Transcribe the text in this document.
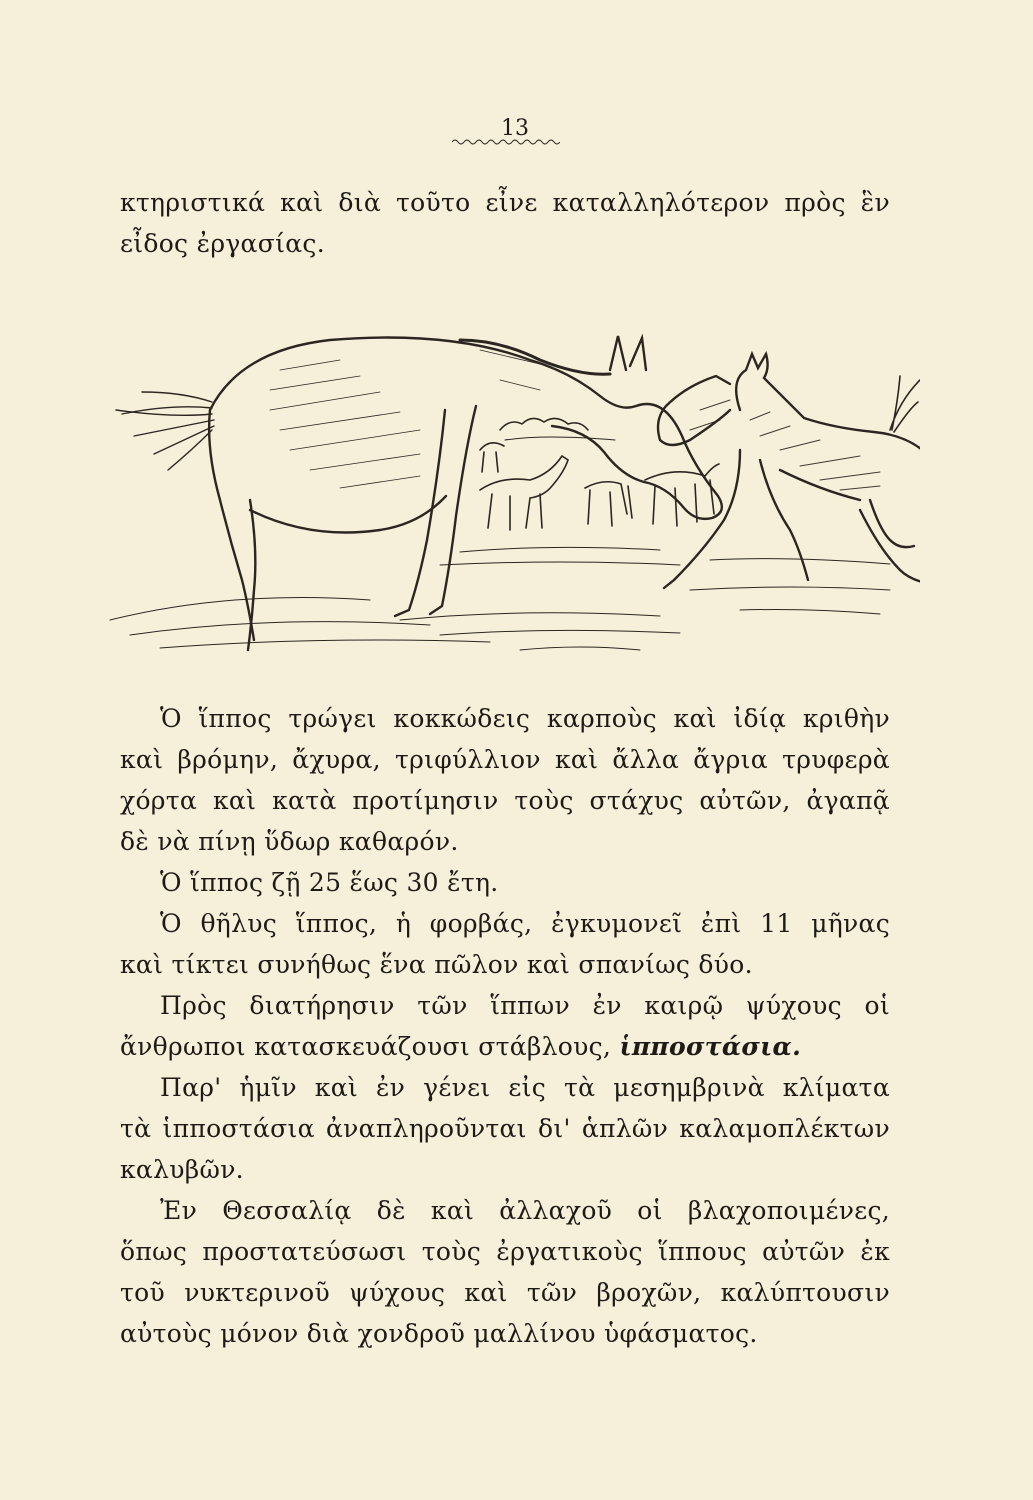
13
κτηριστικά καὶ διὰ τοῦτο εἶνε καταλληλότερον πρὸς ἓν
εἶδος ἐργασίας.
Ὁ ἵππος τρώγει κοκκώδεις καρποὺς καὶ ἰδίᾳ κριθὴν
καὶ βρόμην, ἄχυρα, τριφύλλιον καὶ ἄλλα ἄγρια τρυφερὰ
χόρτα καὶ κατὰ προτίμησιν τοὺς στάχυς αὐτῶν, ἀγαπᾷ
δὲ νὰ πίνῃ ὕδωρ καθαρόν.
Ὁ ἵππος ζῇ 25 ἕως 30 ἔτη.
Ὁ θῆλυς ἵππος, ἡ φορβάς, ἐγκυμονεῖ ἐπὶ 11 μῆνας
καὶ τίκτει συνήθως ἕνα πῶλον καὶ σπανίως δύο.
Πρὸς διατήρησιν τῶν ἵππων ἐν καιρῷ ψύχους οἱ
ἄνθρωποι κατασκευάζουσι στάβλους, ἱπποστάσια.
Παρ' ἡμῖν καὶ ἐν γένει εἰς τὰ μεσημβρινὰ κλίματα
τὰ ἱπποστάσια ἀναπληροῦνται δι' ἁπλῶν καλαμοπλέκτων
καλυβῶν.
Ἐν Θεσσαλίᾳ δὲ καὶ ἀλλαχοῦ οἱ βλαχοποιμένες,
ὅπως προστατεύσωσι τοὺς ἐργατικοὺς ἵππους αὐτῶν ἐκ
τοῦ νυκτερινοῦ ψύχους καὶ τῶν βροχῶν, καλύπτουσιν
αὐτοὺς μόνον διὰ χονδροῦ μαλλίνου ὑφάσματος.
